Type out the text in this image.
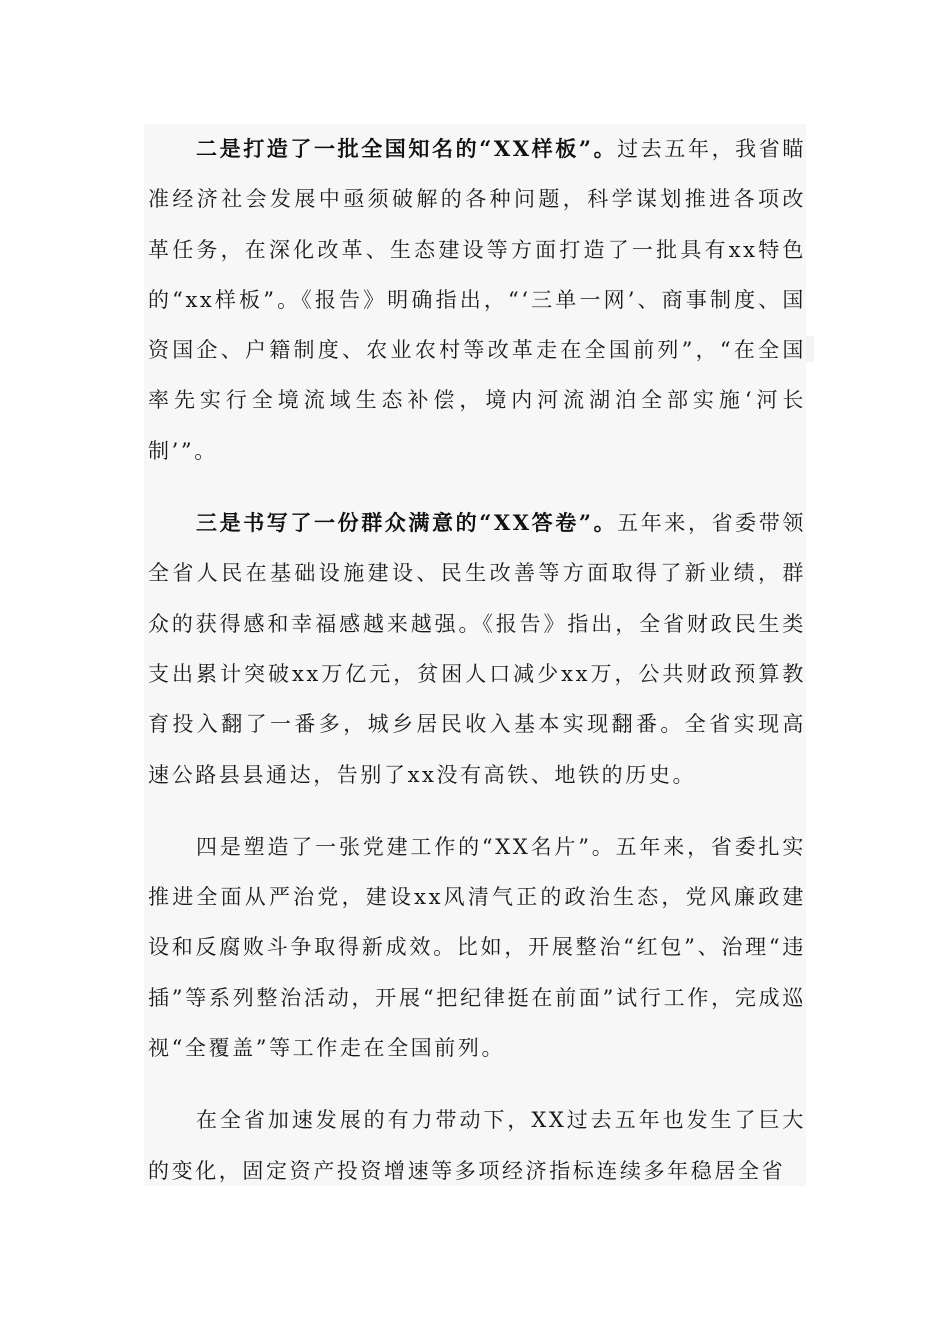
二是打造了一批全国知名的“XX样板”。过去五年，我省瞄准经济社会发展中亟须破解的各种问题，科学谋划推进各项改革任务，在深化改革、生态建设等方面打造了一批具有xx特色的“xx样板”。《报告》明确指出，“‘三单一网’、商事制度、国资国企、户籍制度、农业农村等改革走在全国前列”，“在全国率先实行全境流域生态补偿，境内河流湖泊全部实施‘河长制’”。

三是书写了一份群众满意的“XX答卷”。五年来，省委带领全省人民在基础设施建设、民生改善等方面取得了新业绩，群众的获得感和幸福感越来越强。《报告》指出，全省财政民生类支出累计突破xx万亿元，贫困人口减少xx万，公共财政预算教育投入翻了一番多，城乡居民收入基本实现翻番。全省实现高速公路县县通达，告别了xx没有高铁、地铁的历史。

四是塑造了一张党建工作的“XX名片”。五年来，省委扎实推进全面从严治党，建设xx风清气正的政治生态，党风廉政建设和反腐败斗争取得新成效。比如，开展整治“红包”、治理“违插”等系列整治活动，开展“把纪律挺在前面”试行工作，完成巡视“全覆盖”等工作走在全国前列。

在全省加速发展的有力带动下，XX过去五年也发生了巨大的变化，固定资产投资增速等多项经济指标连续多年稳居全省
